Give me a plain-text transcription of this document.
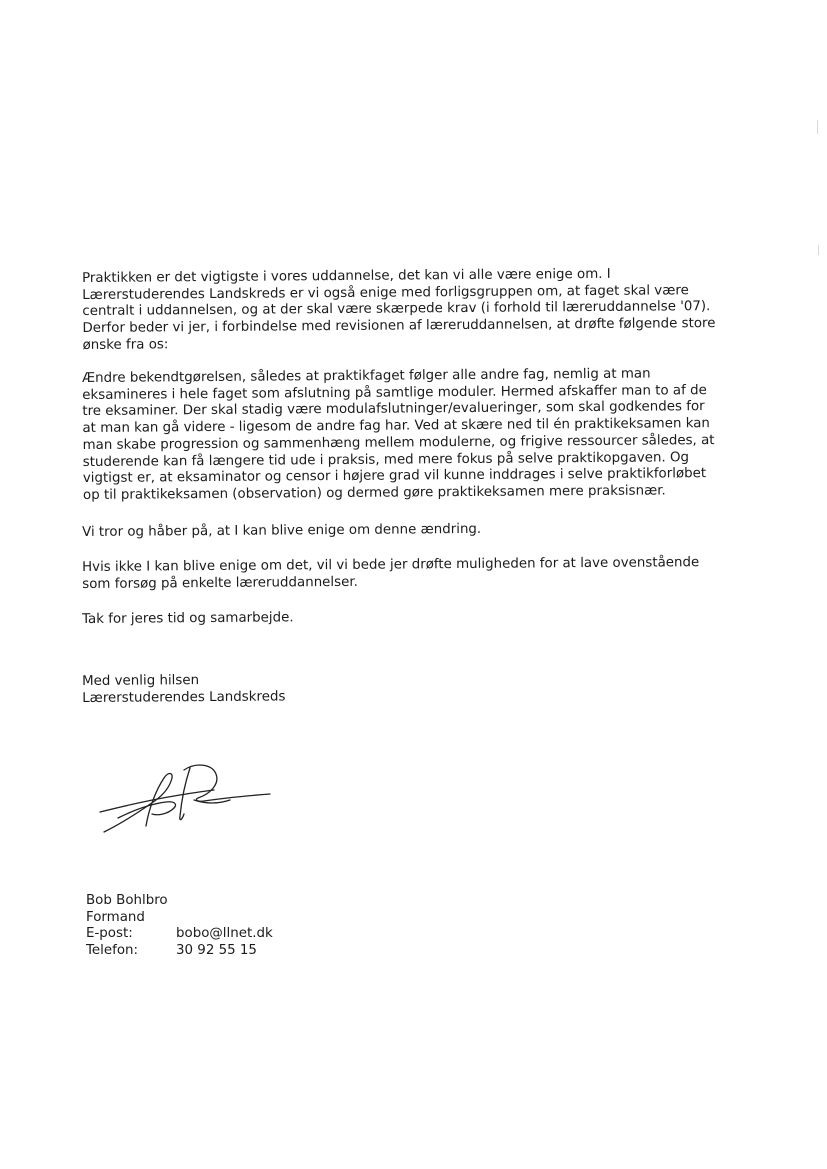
Praktikken er det vigtigste i vores uddannelse, det kan vi alle være enige om. I
Lærerstuderendes Landskreds er vi også enige med forligsgruppen om, at faget skal være
centralt i uddannelsen, og at der skal være skærpede krav (i forhold til læreruddannelse '07).
Derfor beder vi jer, i forbindelse med revisionen af læreruddannelsen, at drøfte følgende store
ønske fra os:
Ændre bekendtgørelsen, således at praktikfaget følger alle andre fag, nemlig at man
eksamineres i hele faget som afslutning på samtlige moduler. Hermed afskaffer man to af de
tre eksaminer. Der skal stadig være modulafslutninger/evalueringer, som skal godkendes for
at man kan gå videre - ligesom de andre fag har. Ved at skære ned til én praktikeksamen kan
man skabe progression og sammenhæng mellem modulerne, og frigive ressourcer således, at
studerende kan få længere tid ude i praksis, med mere fokus på selve praktikopgaven. Og
vigtigst er, at eksaminator og censor i højere grad vil kunne inddrages i selve praktikforløbet
op til praktikeksamen (observation) og dermed gøre praktikeksamen mere praksisnær.
Vi tror og håber på, at I kan blive enige om denne ændring.
Hvis ikke I kan blive enige om det, vil vi bede jer drøfte muligheden for at lave ovenstående
som forsøg på enkelte læreruddannelser.
Tak for jeres tid og samarbejde.
Med venlig hilsen
Lærerstuderendes Landskreds
Bob Bohlbro
Formand
E-post:	bobo@llnet.dk
Telefon:	30 92 55 15
